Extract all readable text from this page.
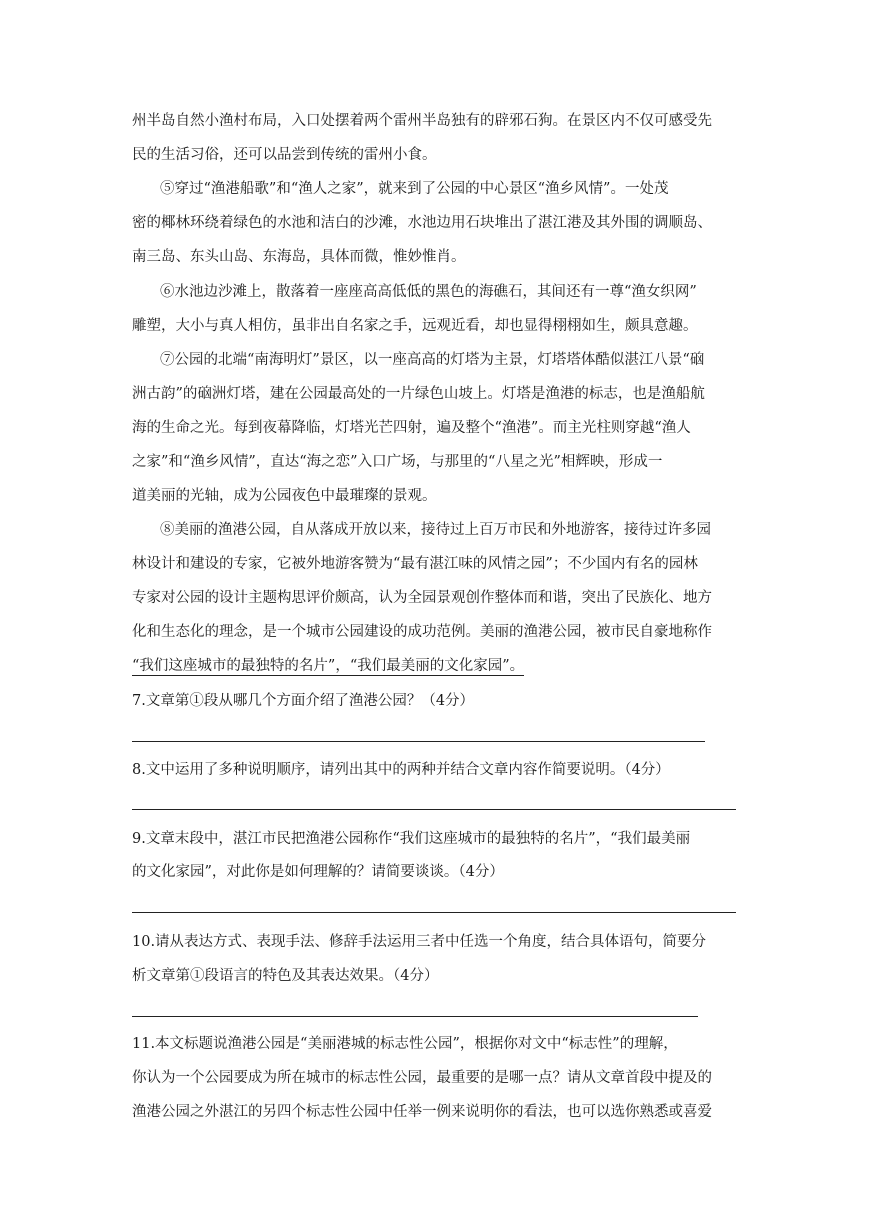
州半岛自然小渔村布局，入口处摆着两个雷州半岛独有的辟邪石狗。在景区内不仅可感受先
民的生活习俗，还可以品尝到传统的雷州小食。
⑤穿过“渔港船歌”和“渔人之家”，就来到了公园的中心景区“渔乡风情”。一处茂
密的椰林环绕着绿色的水池和洁白的沙滩，水池边用石块堆出了湛江港及其外围的调顺岛、
南三岛、东头山岛、东海岛，具体而微，惟妙惟肖。
⑥水池边沙滩上，散落着一座座高高低低的黑色的海礁石，其间还有一尊“渔女织网”
雕塑，大小与真人相仿，虽非出自名家之手，远观近看，却也显得栩栩如生，颇具意趣。
⑦公园的北端“南海明灯”景区，以一座高高的灯塔为主景，灯塔塔体酷似湛江八景“硇
洲古韵”的硇洲灯塔，建在公园最高处的一片绿色山坡上。灯塔是渔港的标志，也是渔船航
海的生命之光。每到夜幕降临，灯塔光芒四射，遍及整个“渔港”。而主光柱则穿越“渔人
之家”和“渔乡风情”，直达“海之恋”入口广场，与那里的“八星之光”相辉映，形成一
道美丽的光轴，成为公园夜色中最璀璨的景观。
⑧美丽的渔港公园，自从落成开放以来，接待过上百万市民和外地游客，接待过许多园
林设计和建设的专家，它被外地游客赞为“最有湛江味的风情之园”；不少国内有名的园林
专家对公园的设计主题构思评价颇高，认为全园景观创作整体而和谐，突出了民族化、地方
化和生态化的理念，是一个城市公园建设的成功范例。美丽的渔港公园，被市民自豪地称作
“我们这座城市的最独特的名片”，“我们最美丽的文化家园”。
7.文章第①段从哪几个方面介绍了渔港公园？（4分）
8.文中运用了多种说明顺序，请列出其中的两种并结合文章内容作简要说明。（4分）
9.文章末段中，湛江市民把渔港公园称作“我们这座城市的最独特的名片”，“我们最美丽
的文化家园”，对此你是如何理解的？请简要谈谈。（4分）
10.请从表达方式、表现手法、修辞手法运用三者中任选一个角度，结合具体语句，简要分
析文章第①段语言的特色及其表达效果。（4分）
11.本文标题说渔港公园是“美丽港城的标志性公园”，根据你对文中“标志性”的理解，
你认为一个公园要成为所在城市的标志性公园，最重要的是哪一点？请从文章首段中提及的
渔港公园之外湛江的另四个标志性公园中任举一例来说明你的看法，也可以选你熟悉或喜爱
